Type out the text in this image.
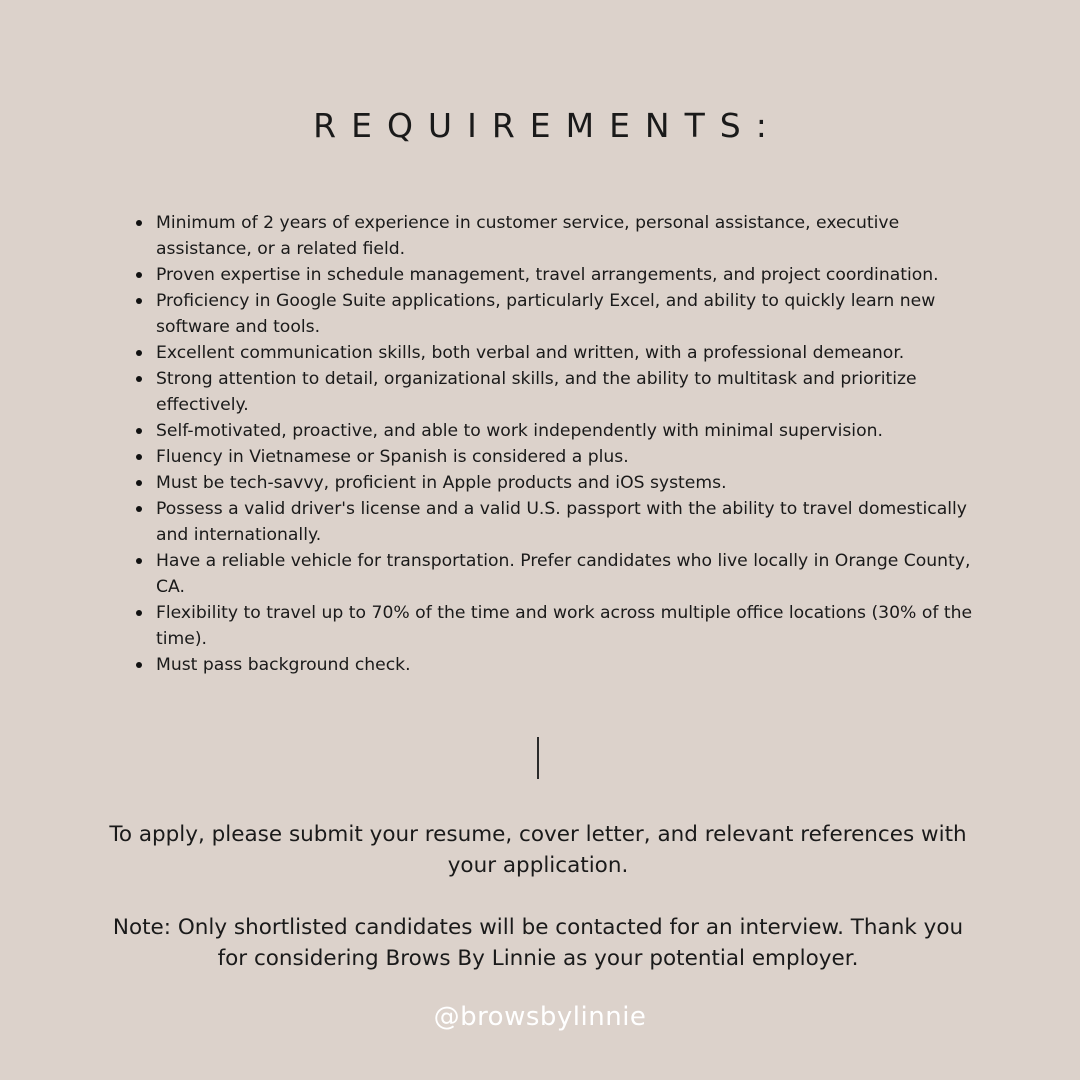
REQUIREMENTS:
Minimum of 2 years of experience in customer service, personal assistance, executive assistance, or a related field.
Proven expertise in schedule management, travel arrangements, and project coordination.
Proficiency in Google Suite applications, particularly Excel, and ability to quickly learn new software and tools.
Excellent communication skills, both verbal and written, with a professional demeanor.
Strong attention to detail, organizational skills, and the ability to multitask and prioritize effectively.
Self-motivated, proactive, and able to work independently with minimal supervision.
Fluency in Vietnamese or Spanish is considered a plus.
Must be tech-savvy, proficient in Apple products and iOS systems.
Possess a valid driver's license and a valid U.S. passport with the ability to travel domestically and internationally.
Have a reliable vehicle for transportation. Prefer candidates who live locally in Orange County, CA.
Flexibility to travel up to 70% of the time and work across multiple office locations (30% of the time).
Must pass background check.

To apply, please submit your resume, cover letter, and relevant references with your application.

Note: Only shortlisted candidates will be contacted for an interview. Thank you for considering Brows By Linnie as your potential employer.

@browsbylinnie
